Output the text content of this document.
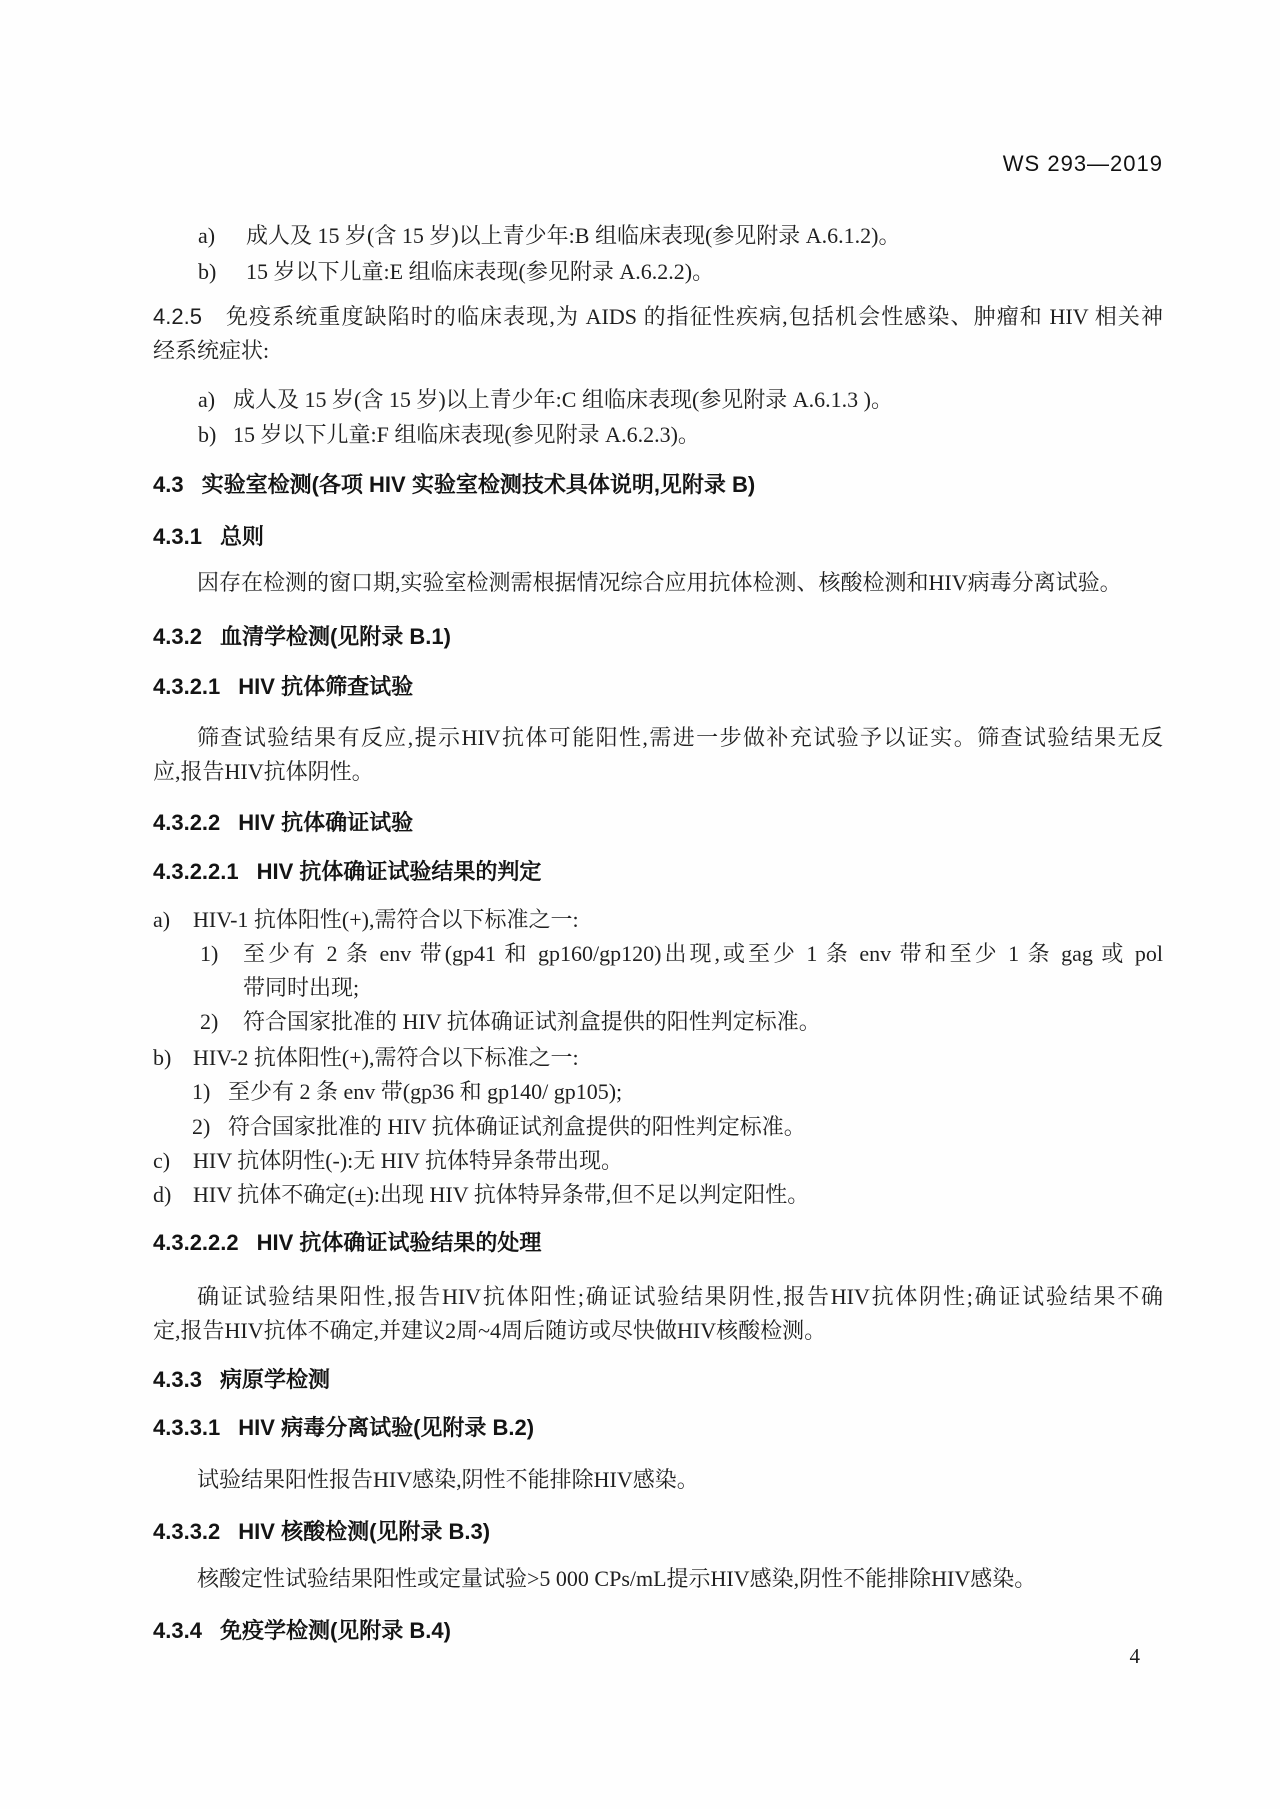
WS 293—2019
a)	成人及 15 岁(含 15 岁)以上青少年:B 组临床表现(参见附录 A.6.1.2)。
b)	15 岁以下儿童:E 组临床表现(参见附录 A.6.2.2)。
4.2.5 免疫系统重度缺陷时的临床表现,为 AIDS 的指征性疾病,包括机会性感染、肿瘤和 HIV 相关神
经系统症状:
a) 成人及 15 岁(含 15 岁)以上青少年:C 组临床表现(参见附录 A.6.1.3 )。
b) 15 岁以下儿童:F 组临床表现(参见附录 A.6.2.3)。
4.3 实验室检测(各项 HIV 实验室检测技术具体说明,见附录 B)
4.3.1 总则
因存在检测的窗口期,实验室检测需根据情况综合应用抗体检测、核酸检测和HIV病毒分离试验。
4.3.2 血清学检测(见附录 B.1)
4.3.2.1 HIV 抗体筛查试验
筛查试验结果有反应,提示HIV抗体可能阳性,需进一步做补充试验予以证实。筛查试验结果无反
应,报告HIV抗体阴性。
4.3.2.2 HIV 抗体确证试验
4.3.2.2.1 HIV 抗体确证试验结果的判定
a)	HIV-1 抗体阳性(+),需符合以下标准之一:
1)	至少有 2 条 env 带(gp41 和 gp160/gp120)出现,或至少 1 条 env 带和至少 1 条 gag 或 pol
带同时出现;
2)	符合国家批准的 HIV 抗体确证试剂盒提供的阳性判定标准。
b) HIV-2 抗体阳性(+),需符合以下标准之一:
1) 至少有 2 条 env 带(gp36 和 gp140/ gp105);
2) 符合国家批准的 HIV 抗体确证试剂盒提供的阳性判定标准。
c)	HIV 抗体阴性(-):无 HIV 抗体特异条带出现。
d) HIV 抗体不确定(±):出现 HIV 抗体特异条带,但不足以判定阳性。
4.3.2.2.2 HIV 抗体确证试验结果的处理
确证试验结果阳性,报告HIV抗体阳性;确证试验结果阴性,报告HIV抗体阴性;确证试验结果不确
定,报告HIV抗体不确定,并建议2周~4周后随访或尽快做HIV核酸检测。
4.3.3 病原学检测
4.3.3.1 HIV 病毒分离试验(见附录 B.2)
试验结果阳性报告HIV感染,阴性不能排除HIV感染。
4.3.3.2 HIV 核酸检测(见附录 B.3)
核酸定性试验结果阳性或定量试验>5 000 CPs/mL提示HIV感染,阴性不能排除HIV感染。
4.3.4 免疫学检测(见附录 B.4)
4
